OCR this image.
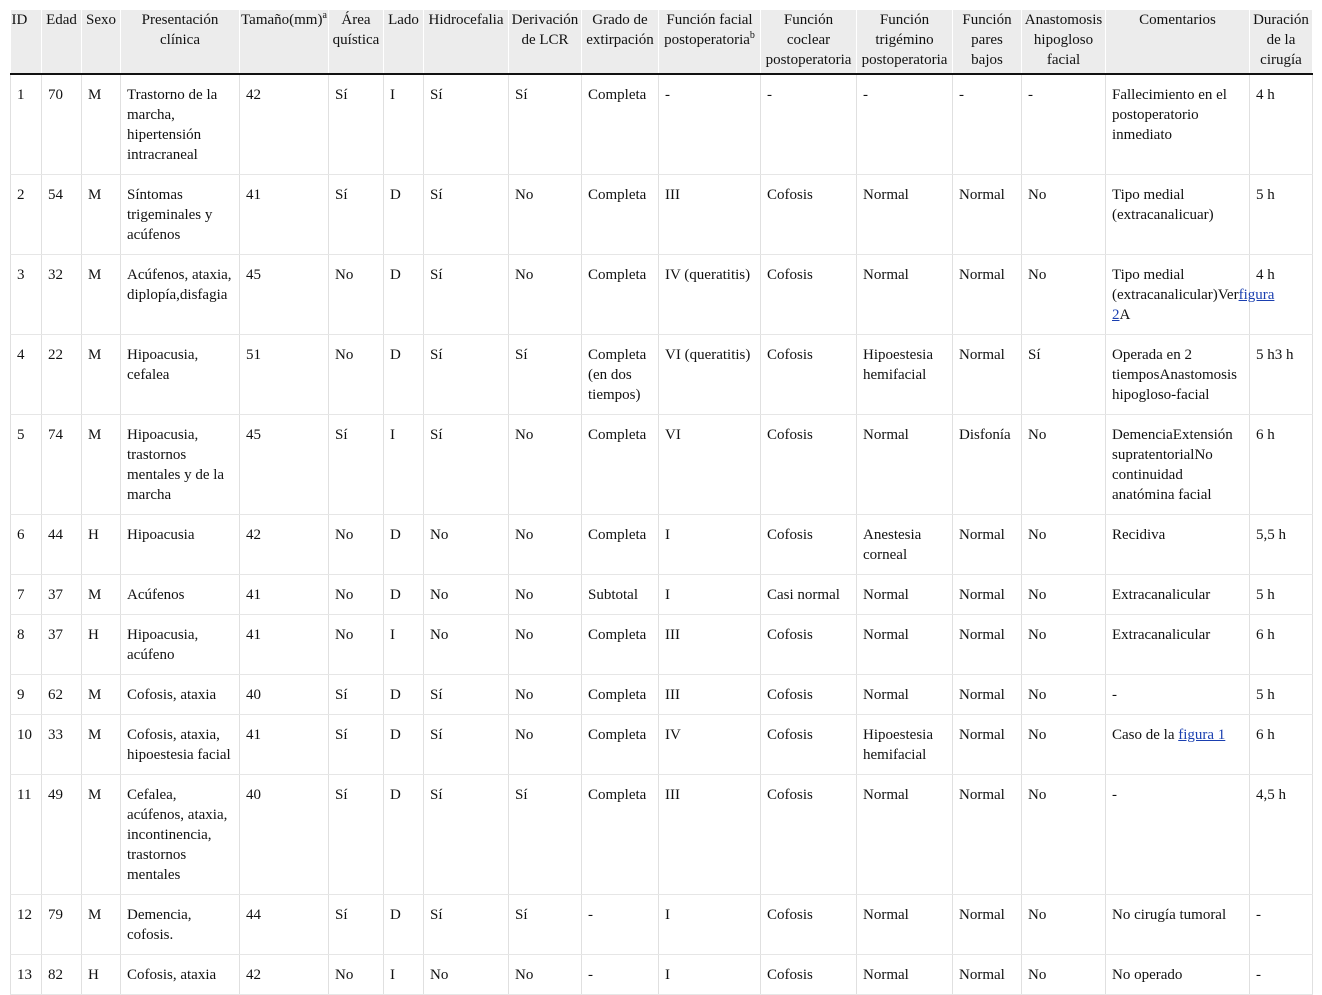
ID	Edad	Sexo	Presentación clínica	Tamaño(mm)$^a$	Área quística	Lado	Hidrocefalia	Derivación de LCR	Grado de extirpación	Función facial postoperatoria$^b$	Función coclear postoperatoria	Función trigémino postoperatoria	Función pares bajos	Anastomosis hipogloso facial	Comentarios	Duración de la cirugía
1	70	M	Trastorno de la marcha, hipertensión intracraneal	42	Sí	I	Sí	Sí	Completa	-	-	-	-	-	Fallecimiento en el postoperatorio inmediato	4 h
2	54	M	Síntomas trigeminales y acúfenos	41	Sí	D	Sí	No	Completa	III	Cofosis	Normal	Normal	No	Tipo medial (extracanalicuar)	5 h
3	32	M	Acúfenos, ataxia, diplopía,disfagia	45	No	D	Sí	No	Completa	IV (queratitis)	Cofosis	Normal	Normal	No	Tipo medial (extracanalicular)Verfigura 2A	4 h
4	22	M	Hipoacusia, cefalea	51	No	D	Sí	Sí	Completa (en dos tiempos)	VI (queratitis)	Cofosis	Hipoestesia hemifacial	Normal	Sí	Operada en 2 tiemposAnastomosis hipogloso-facial	5 h3 h
5	74	M	Hipoacusia, trastornos mentales y de la marcha	45	Sí	I	Sí	No	Completa	VI	Cofosis	Normal	Disfonía	No	DemenciaExtensión supratentorialNo continuidad anatómina facial	6 h
6	44	H	Hipoacusia	42	No	D	No	No	Completa	I	Cofosis	Anestesia corneal	Normal	No	Recidiva	5,5 h
7	37	M	Acúfenos	41	No	D	No	No	Subtotal	I	Casi normal	Normal	Normal	No	Extracanalicular	5 h
8	37	H	Hipoacusia, acúfeno	41	No	I	No	No	Completa	III	Cofosis	Normal	Normal	No	Extracanalicular	6 h
9	62	M	Cofosis, ataxia	40	Sí	D	Sí	No	Completa	III	Cofosis	Normal	Normal	No	-	5 h
10	33	M	Cofosis, ataxia, hipoestesia facial	41	Sí	D	Sí	No	Completa	IV	Cofosis	Hipoestesia hemifacial	Normal	No	Caso de la figura 1	6 h
11	49	M	Cefalea, acúfenos, ataxia, incontinencia, trastornos mentales	40	Sí	D	Sí	Sí	Completa	III	Cofosis	Normal	Normal	No	-	4,5 h
12	79	M	Demencia, cofosis.	44	Sí	D	Sí	Sí	-	I	Cofosis	Normal	Normal	No	No cirugía tumoral	-
13	82	H	Cofosis, ataxia	42	No	I	No	No	-	I	Cofosis	Normal	Normal	No	No operado	-
